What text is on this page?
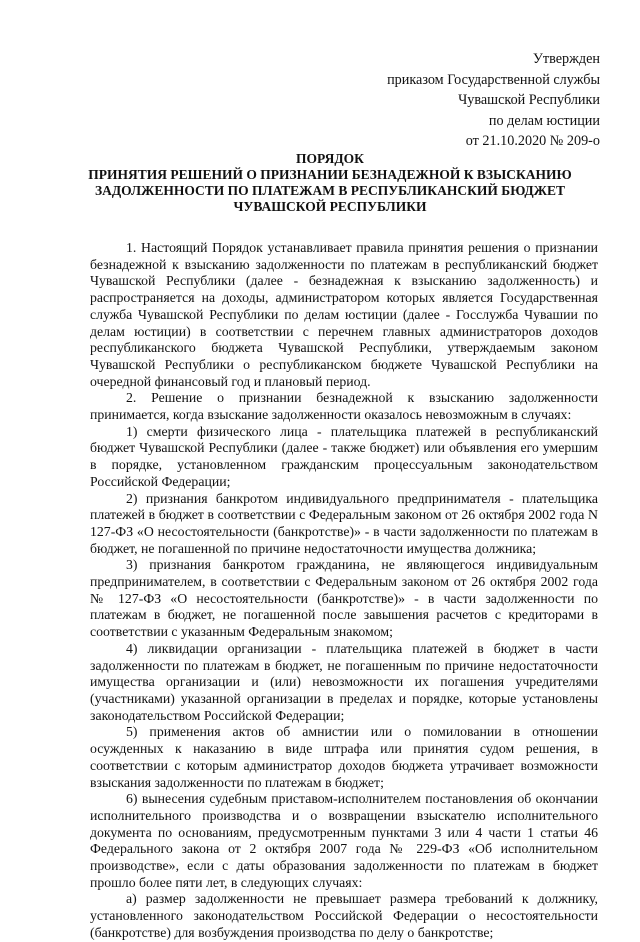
Утвержден
приказом Государственной службы
Чувашской Республики
по делам юстиции
от 21.10.2020 № 209-о
ПОРЯДОК
ПРИНЯТИЯ РЕШЕНИЙ О ПРИЗНАНИИ БЕЗНАДЕЖНОЙ К ВЗЫСКАНИЮ
ЗАДОЛЖЕННОСТИ ПО ПЛАТЕЖАМ В РЕСПУБЛИКАНСКИЙ БЮДЖЕТ
ЧУВАШСКОЙ РЕСПУБЛИКИ

1. Настоящий Порядок устанавливает правила принятия решения о признании безнадежной к взысканию задолженности по платежам в республиканский бюджет Чувашской Республики (далее - безнадежная к взысканию задолженность) и распространяется на доходы, администратором которых является Государственная служба Чувашской Республики по делам юстиции (далее - Госслужба Чувашии по делам юстиции) в соответствии с перечнем главных администраторов доходов республиканского бюджета Чувашской Республики, утверждаемым законом Чувашской Республики о республиканском бюджете Чувашской Республики на очередной финансовый год и плановый период.

2. Решение о признании безнадежной к взысканию задолженности принимается, когда взыскание задолженности оказалось невозможным в случаях:

1) смерти физического лица - плательщика платежей в республиканский бюджет Чувашской Республики (далее - также бюджет) или объявления его умершим в порядке, установленном гражданским процессуальным законодательством Российской Федерации;

2) признания банкротом индивидуального предпринимателя - плательщика платежей в бюджет в соответствии с Федеральным законом от 26 октября 2002 года N 127-ФЗ «О несостоятельности (банкротстве)» - в части задолженности по платежам в бюджет, не погашенной по причине недостаточности имущества должника;

3) признания банкротом гражданина, не являющегося индивидуальным предпринимателем, в соответствии с Федеральным законом от 26 октября 2002 года № 127-ФЗ «О несостоятельности (банкротстве)» - в части задолженности по платежам в бюджет, не погашенной после завышения расчетов с кредиторами в соответствии с указанным Федеральным знакомом;

4) ликвидации организации - плательщика платежей в бюджет в части задолженности по платежам в бюджет, не погашенным по причине недостаточности имущества организации и (или) невозможности их погашения учредителями (участниками) указанной организации в пределах и порядке, которые установлены законодательством Российской Федерации;

5) применения актов об амнистии или о помиловании в отношении осужденных к наказанию в виде штрафа или принятия судом решения, в соответствии с которым администратор доходов бюджета утрачивает возможности взыскания задолженности по платежам в бюджет;

6) вынесения судебным приставом-исполнителем постановления об окончании исполнительного производства и о возвращении взыскателю исполнительного документа по основаниям, предусмотренным пунктами 3 или 4 части 1 статьи 46 Федерального закона от 2 октября 2007 года № 229-ФЗ «Об исполнительном производстве», если с даты образования задолженности по платежам в бюджет прошло более пяти лет, в следующих случаях:

а) размер задолженности не превышает размера требований к должнику, установленного законодательством Российской Федерации о несостоятельности (банкротстве) для возбуждения производства по делу о банкротстве;
